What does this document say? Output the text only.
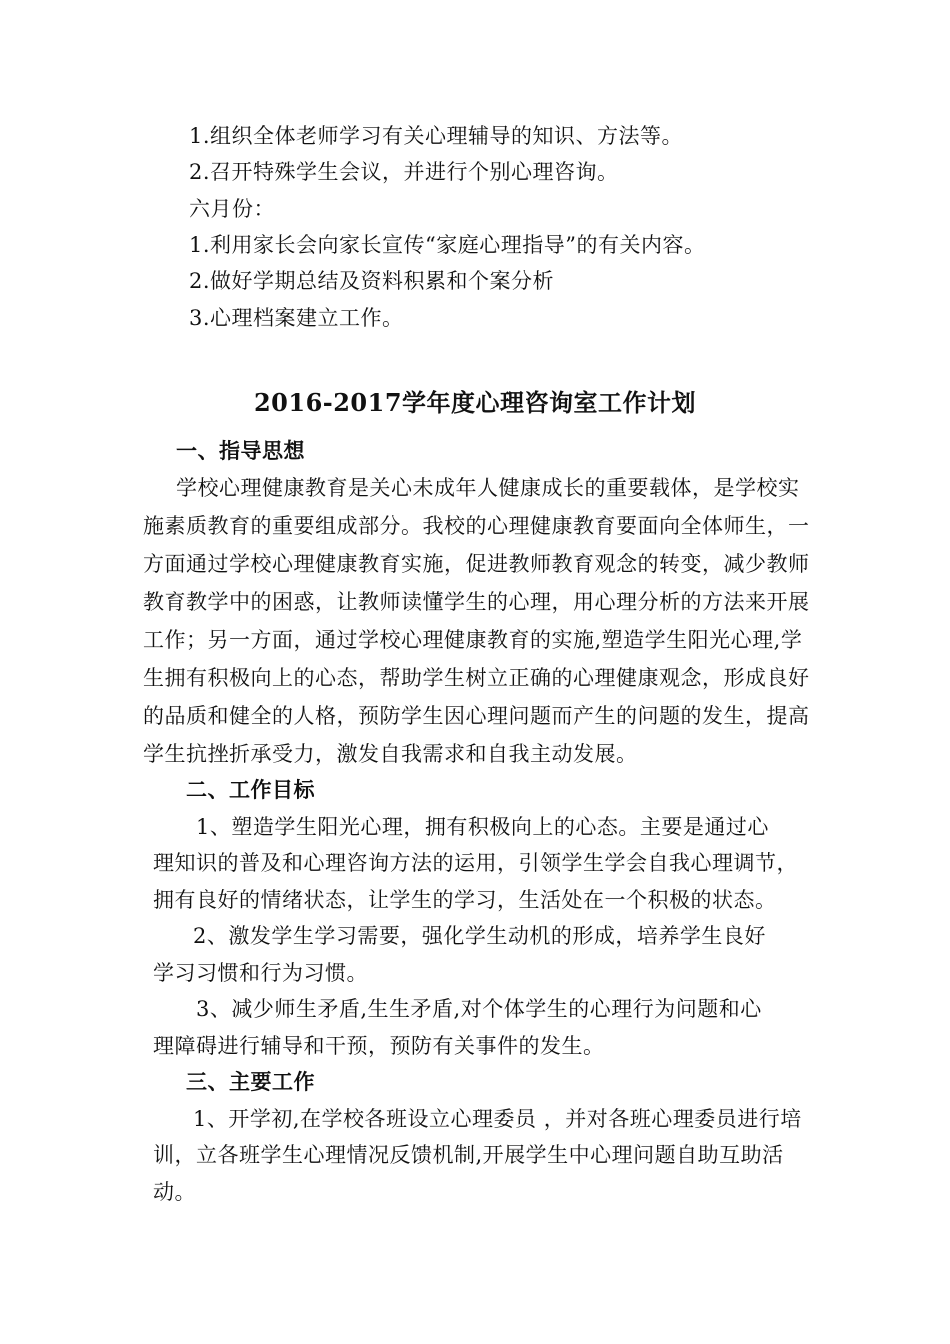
1.组织全体老师学习有关心理辅导的知识、方法等。
2.召开特殊学生会议，并进行个别心理咨询。
六月份：
1.利用家长会向家长宣传“家庭心理指导”的有关内容。
2.做好学期总结及资料积累和个案分析
3.心理档案建立工作。
2016-2017学年度心理咨询室工作计划
一、指导思想
学校心理健康教育是关心未成年人健康成长的重要载体，是学校实
施素质教育的重要组成部分。我校的心理健康教育要面向全体师生，一
方面通过学校心理健康教育实施，促进教师教育观念的转变，减少教师
教育教学中的困惑，让教师读懂学生的心理，用心理分析的方法来开展
工作；另一方面，通过学校心理健康教育的实施,塑造学生阳光心理,学
生拥有积极向上的心态，帮助学生树立正确的心理健康观念，形成良好
的品质和健全的人格，预防学生因心理问题而产生的问题的发生，提高
学生抗挫折承受力，激发自我需求和自我主动发展。
二、工作目标
1、塑造学生阳光心理，拥有积极向上的心态。主要是通过心
理知识的普及和心理咨询方法的运用，引领学生学会自我心理调节，
拥有良好的情绪状态，让学生的学习，生活处在一个积极的状态。
2、激发学生学习需要，强化学生动机的形成，培养学生良好
学习习惯和行为习惯。
3、减少师生矛盾,生生矛盾,对个体学生的心理行为问题和心
理障碍进行辅导和干预，预防有关事件的发生。
三、主要工作
1、开学初,在学校各班设立心理委员 ，并对各班心理委员进行培
训，立各班学生心理情况反馈机制,开展学生中心理问题自助互助活
动。
